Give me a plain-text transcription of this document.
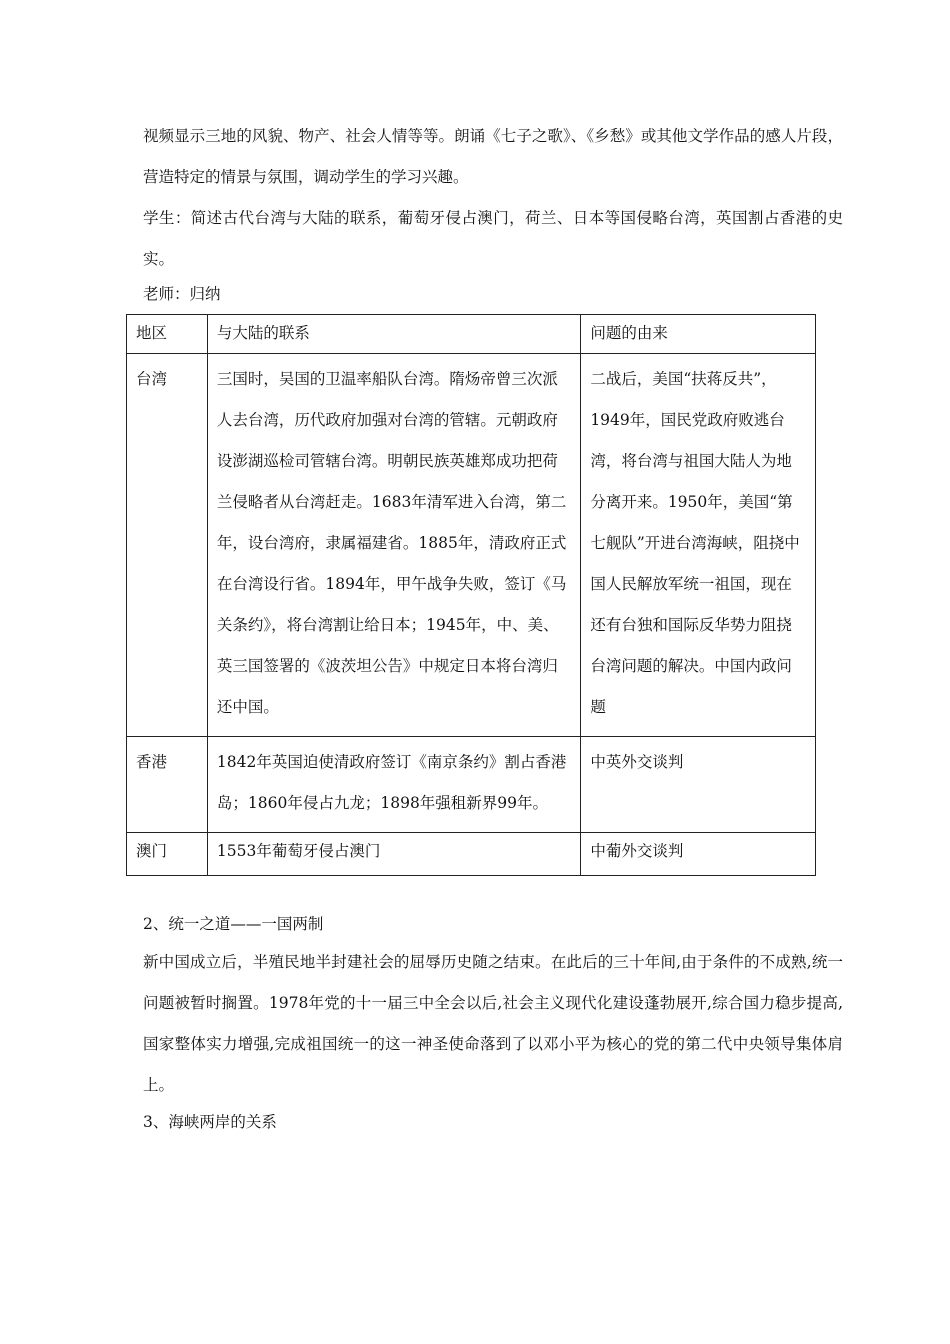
视频显示三地的风貌、物产、社会人情等等。朗诵《七子之歌》、《乡愁》或其他文学作品的感人片段，营造特定的情景与氛围，调动学生的学习兴趣。

学生：简述古代台湾与大陆的联系，葡萄牙侵占澳门，荷兰、日本等国侵略台湾，英国割占香港的史实。

老师：归纳

地区	与大陆的联系	问题的由来
台湾	三国时，吴国的卫温率船队台湾。隋炀帝曾三次派人去台湾，历代政府加强对台湾的管辖。元朝政府设澎湖巡检司管辖台湾。明朝民族英雄郑成功把荷兰侵略者从台湾赶走。1683年清军进入台湾，第二年，设台湾府，隶属福建省。1885年，清政府正式在台湾设行省。1894年，甲午战争失败，签订《马关条约》，将台湾割让给日本；1945年，中、美、英三国签署的《波茨坦公告》中规定日本将台湾归还中国。	二战后，美国“扶蒋反共”，1949年，国民党政府败逃台湾，将台湾与祖国大陆人为地分离开来。1950年，美国“第七舰队”开进台湾海峡，阻挠中国人民解放军统一祖国，现在还有台独和国际反华势力阻挠台湾问题的解决。中国内政问题
香港	1842年英国迫使清政府签订《南京条约》割占香港岛；1860年侵占九龙；1898年强租新界99年。	中英外交谈判
澳门	1553年葡萄牙侵占澳门	中葡外交谈判

2、统一之道——一国两制

新中国成立后，半殖民地半封建社会的屈辱历史随之结束。在此后的三十年间,由于条件的不成熟,统一问题被暂时搁置。1978年党的十一届三中全会以后,社会主义现代化建设蓬勃展开,综合国力稳步提高,国家整体实力增强,完成祖国统一的这一神圣使命落到了以邓小平为核心的党的第二代中央领导集体肩上。

3、海峡两岸的关系
